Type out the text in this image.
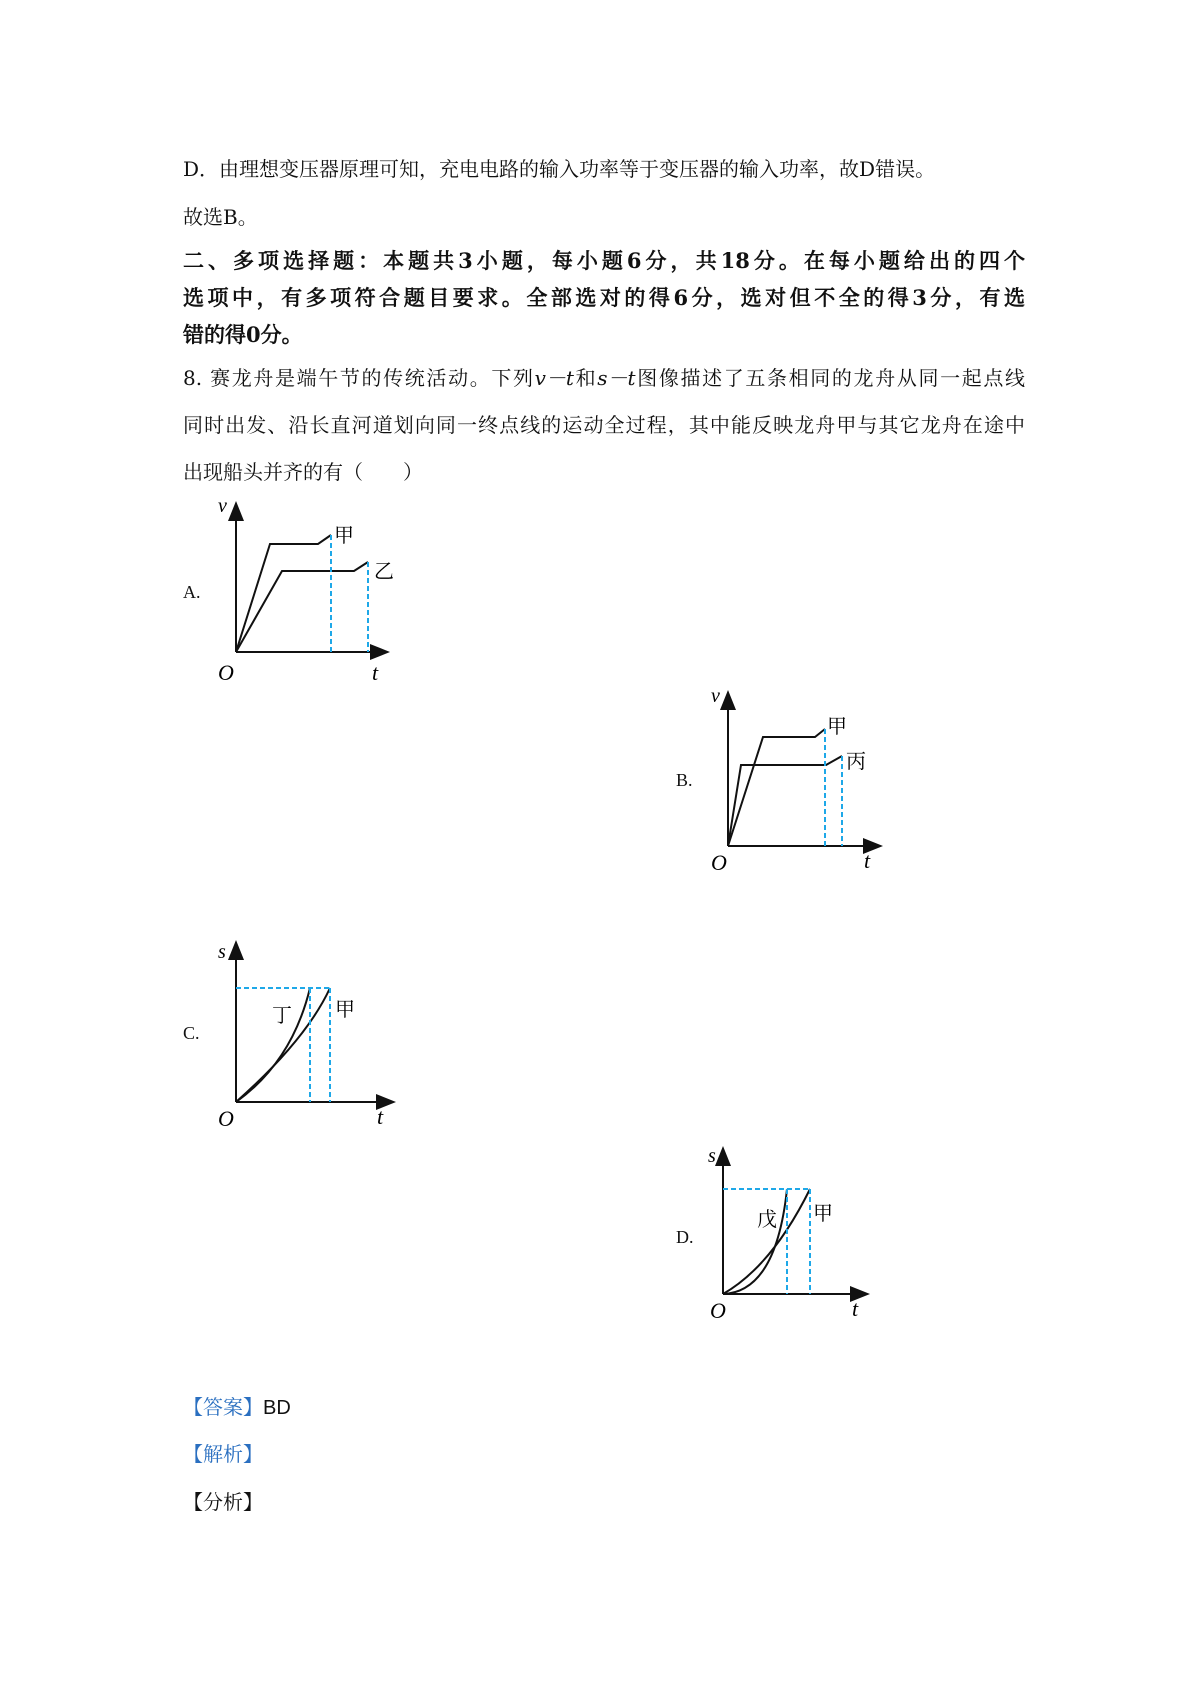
D．由理想变压器原理可知，充电电路的输入功率等于变压器的输入功率，故D错误。
故选B。
二、多项选择题：本题共3小题，每小题6分，共18分。在每小题给出的四个
选项中，有多项符合题目要求。全部选对的得6分，选对但不全的得3分，有选
错的得0分。
8. 赛龙舟是端午节的传统活动。下列v－t和s－t图像描述了五条相同的龙舟从同一起点线
同时出发、沿长直河道划向同一终点线的运动全过程，其中能反映龙舟甲与其它龙舟在途中
出现船头并齐的有（　　）
A.
B.
C.
D.
v
O	t
甲
乙
v
O	t
甲
丙
s
O	t
甲
丁
s
O	t
甲
戊
【答案】BD
【解析】
【分析】
